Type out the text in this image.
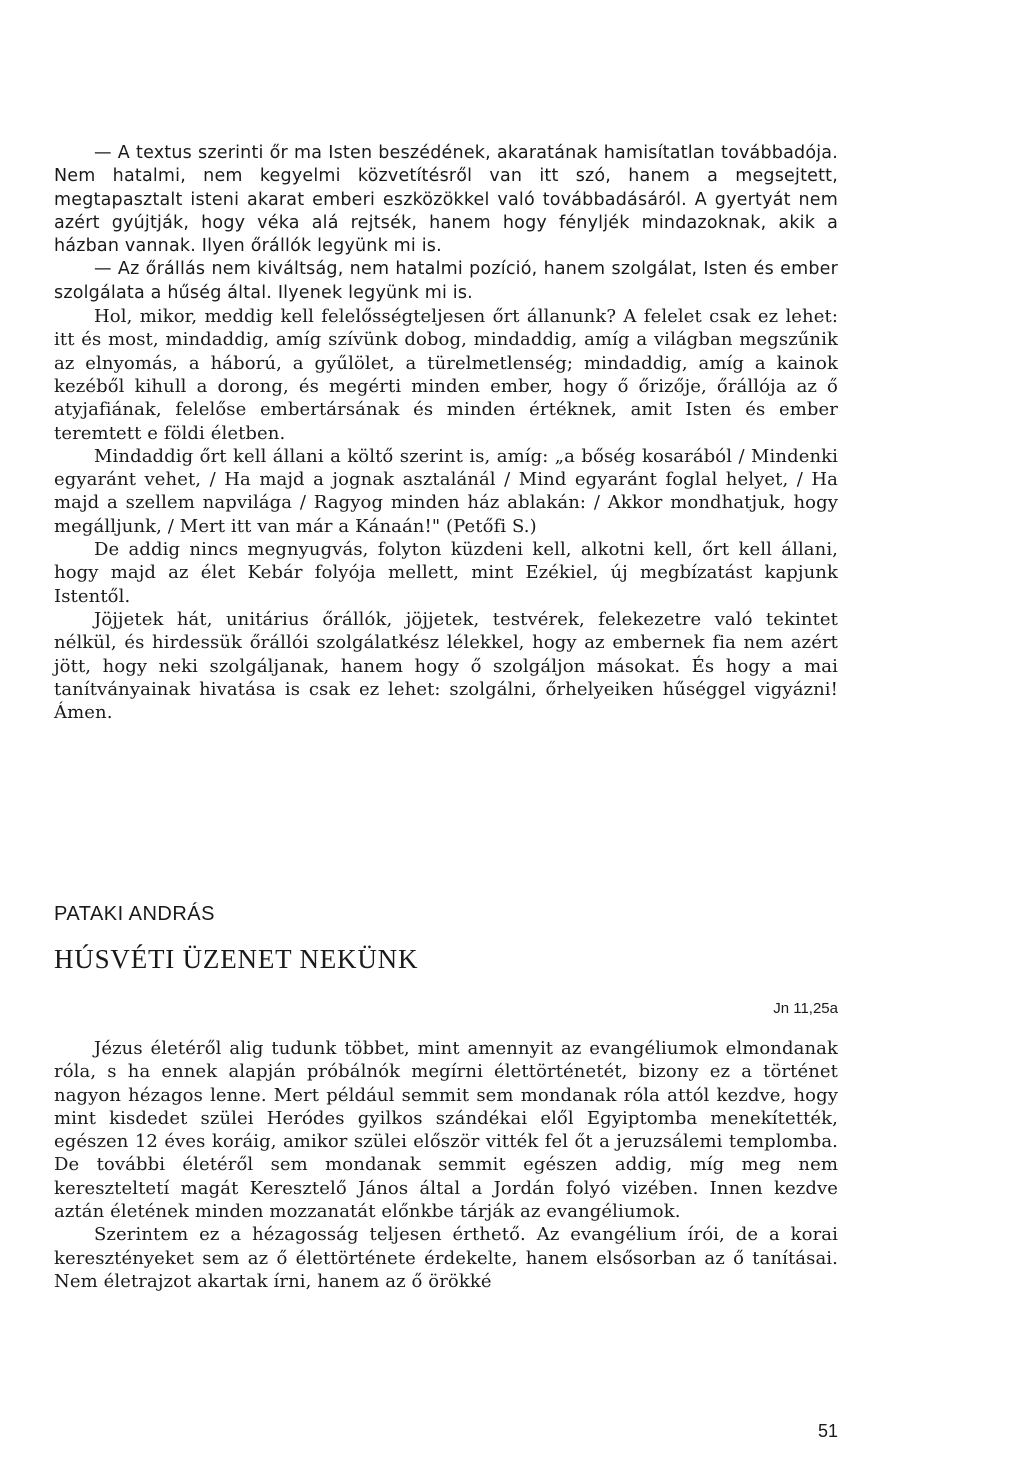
— A textus szerinti őr ma Isten beszédének, akaratának hamisítatlan továbbadója. Nem hatalmi, nem kegyelmi közvetítésről van itt szó, hanem a megsejtett, megtapasztalt isteni akarat emberi eszközökkel való továbbadásáról. A gyertyát nem azért gyújtják, hogy véka alá rejtsék, hanem hogy fényljék mindazoknak, akik a házban vannak. Ilyen őrállók legyünk mi is.

— Az őrállás nem kiváltság, nem hatalmi pozíció, hanem szolgálat, Isten és ember szolgálata a hűség által. Ilyenek legyünk mi is.

Hol, mikor, meddig kell felelősségteljesen őrt állanunk? A felelet csak ez lehet: itt és most, mindaddig, amíg szívünk dobog, mindaddig, amíg a világban megszűnik az elnyomás, a háború, a gyűlölet, a türelmetlenség; mindaddig, amíg a kainok kezéből kihull a dorong, és megérti minden ember, hogy ő őrizője, őrállója az ő atyjafiának, felelőse embertársának és minden értéknek, amit Isten és ember teremtett e földi életben.

Mindaddig őrt kell állani a költő szerint is, amíg: „a bőség kosarából / Mindenki egyaránt vehet, / Ha majd a jognak asztalánál / Mind egyaránt foglal helyet, / Ha majd a szellem napvilága / Ragyog minden ház ablakán: / Akkor mondhatjuk, hogy megálljunk, / Mert itt van már a Kánaán!" (Petőfi S.)

De addig nincs megnyugvás, folyton küzdeni kell, alkotni kell, őrt kell állani, hogy majd az élet Kebár folyója mellett, mint Ezékiel, új megbízatást kapjunk Istentől.

Jöjjetek hát, unitárius őrállók, jöjjetek, testvérek, felekezetre való tekintet nélkül, és hirdessük őrállói szolgálatkész lélekkel, hogy az embernek fia nem azért jött, hogy neki szolgáljanak, hanem hogy ő szolgáljon másokat. És hogy a mai tanítványainak hivatása is csak ez lehet: szolgálni, őrhelyeiken hűséggel vigyázni! Ámen.

PATAKI ANDRÁS
HÚSVÉTI ÜZENET NEKÜNK

Jn 11,25a

Jézus életéről alig tudunk többet, mint amennyit az evangéliumok elmondanak róla, s ha ennek alapján próbálnók megírni élettörténetét, bizony ez a történet nagyon hézagos lenne. Mert például semmit sem mondanak róla attól kezdve, hogy mint kisdedet szülei Heródes gyilkos szándékai elől Egyiptomba menekítették, egészen 12 éves koráig, amikor szülei először vitték fel őt a jeruzsálemi templomba. De további életéről sem mondanak semmit egészen addig, míg meg nem kereszteltetí magát Keresztelő János által a Jordán folyó vizében. Innen kezdve aztán életének minden mozzanatát előnkbe tárják az evangéliumok.

Szerintem ez a hézagosság teljesen érthető. Az evangélium írói, de a korai keresztényeket sem az ő élettörténete érdekelte, hanem elsősorban az ő tanításai. Nem életrajzot akartak írni, hanem az ő örökké

51
